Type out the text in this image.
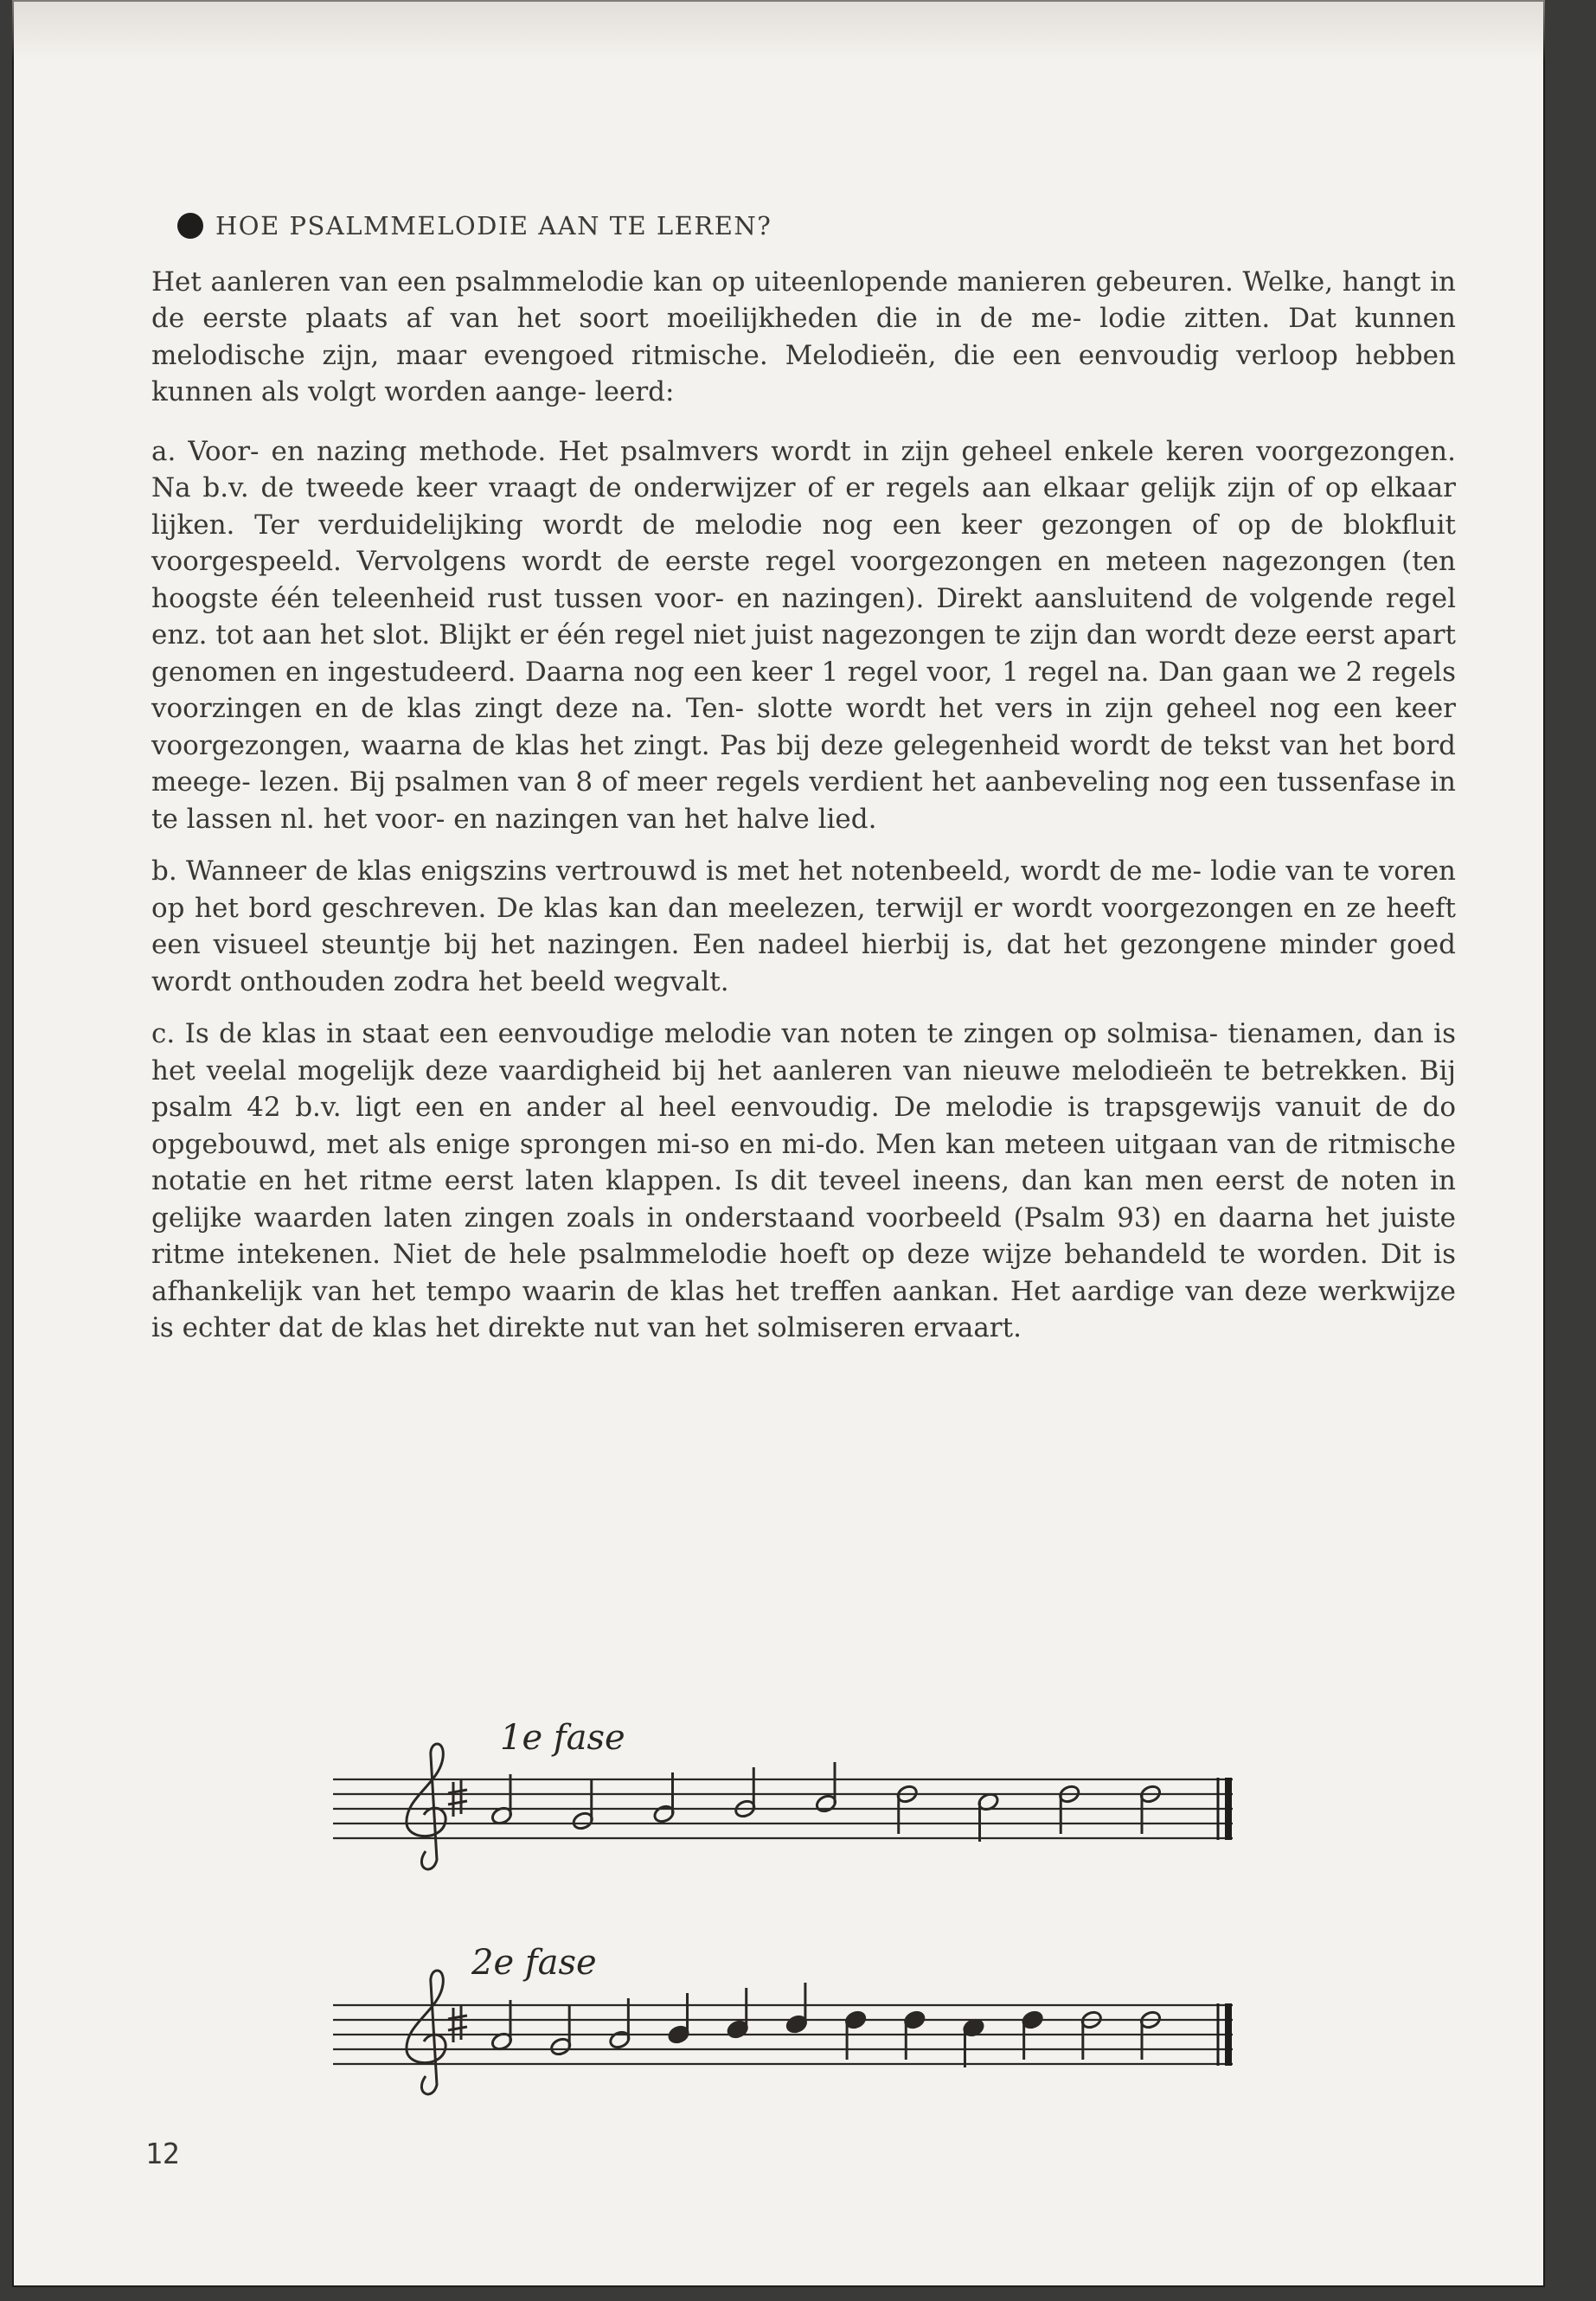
HOE PSALMMELODIE AAN TE LEREN?

Het aanleren van een psalmmelodie kan op uiteenlopende manieren gebeuren. Welke, hangt in de eerste plaats af van het soort moeilijkheden die in de me- lodie zitten. Dat kunnen melodische zijn, maar evengoed ritmische. Melodieën, die een eenvoudig verloop hebben kunnen als volgt worden aange- leerd:

a. Voor- en nazing methode. Het psalmvers wordt in zijn geheel enkele keren voorgezongen. Na b.v. de tweede keer vraagt de onderwijzer of er regels aan elkaar gelijk zijn of op elkaar lijken. Ter verduidelijking wordt de melodie nog een keer gezongen of op de blokfluit voorgespeeld. Vervolgens wordt de eerste regel voorgezongen en meteen nagezongen (ten hoogste één teleenheid rust tussen voor- en nazingen). Direkt aansluitend de volgende regel enz. tot aan het slot. Blijkt er één regel niet juist nagezongen te zijn dan wordt deze eerst apart genomen en ingestudeerd. Daarna nog een keer 1 regel voor, 1 regel na. Dan gaan we 2 regels voorzingen en de klas zingt deze na. Ten- slotte wordt het vers in zijn geheel nog een keer voorgezongen, waarna de klas het zingt. Pas bij deze gelegenheid wordt de tekst van het bord meege- lezen. Bij psalmen van 8 of meer regels verdient het aanbeveling nog een tussenfase in te lassen nl. het voor- en nazingen van het halve lied.

b. Wanneer de klas enigszins vertrouwd is met het notenbeeld, wordt de me- lodie van te voren op het bord geschreven. De klas kan dan meelezen, terwijl er wordt voorgezongen en ze heeft een visueel steuntje bij het nazingen. Een nadeel hierbij is, dat het gezongene minder goed wordt onthouden zodra het beeld wegvalt.

c. Is de klas in staat een eenvoudige melodie van noten te zingen op solmisa- tienamen, dan is het veelal mogelijk deze vaardigheid bij het aanleren van nieuwe melodieën te betrekken. Bij psalm 42 b.v. ligt een en ander al heel eenvoudig. De melodie is trapsgewijs vanuit de do opgebouwd, met als enige sprongen mi-so en mi-do. Men kan meteen uitgaan van de ritmische notatie en het ritme eerst laten klappen. Is dit teveel ineens, dan kan men eerst de noten in gelijke waarden laten zingen zoals in onderstaand voorbeeld (Psalm 93) en daarna het juiste ritme intekenen. Niet de hele psalmmelodie hoeft op deze wijze behandeld te worden. Dit is afhankelijk van het tempo waarin de klas het treffen aankan. Het aardige van deze werkwijze is echter dat de klas het direkte nut van het solmiseren ervaart.

1e fase
2e fase
12
